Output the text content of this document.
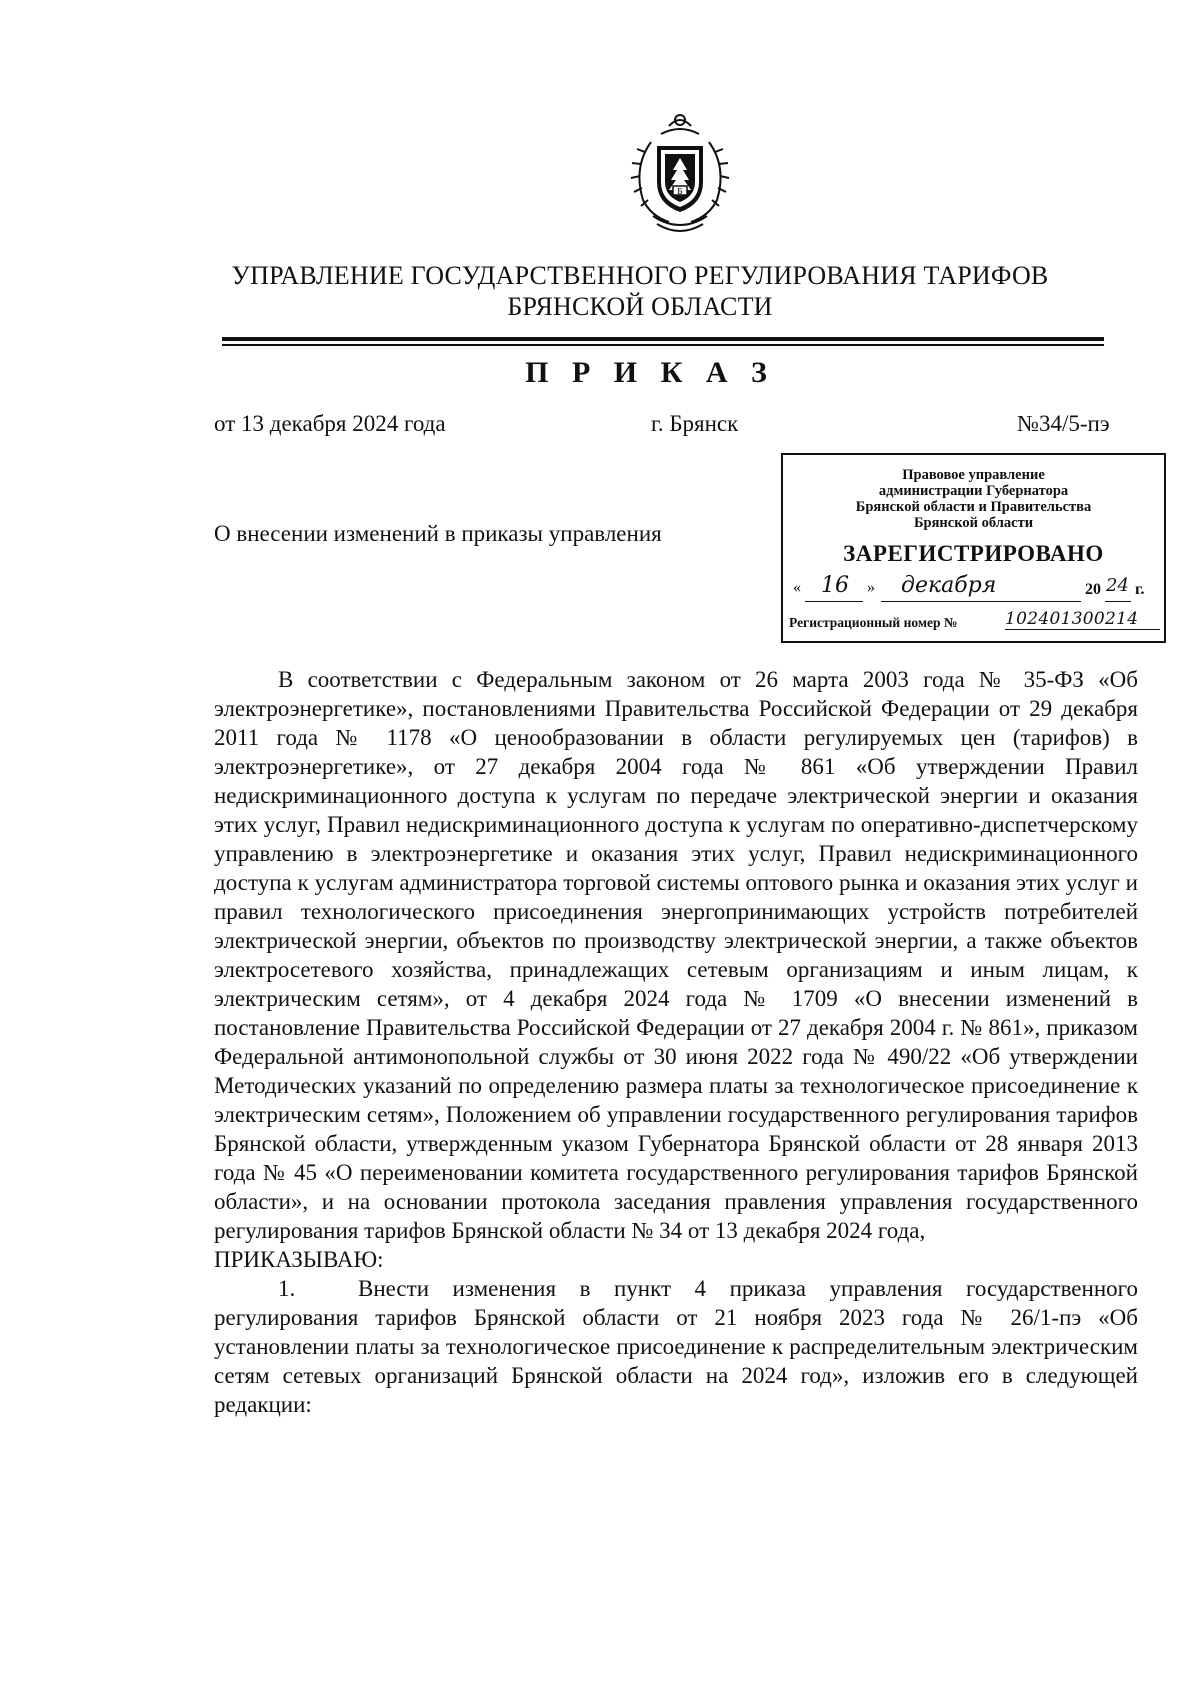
Б
УПРАВЛЕНИЕ ГОСУДАРСТВЕННОГО РЕГУЛИРОВАНИЯ ТАРИФОВ
БРЯНСКОЙ ОБЛАСТИ
П Р И К А З
от 13 декабря 2024 года	г. Брянск	№34/5-пэ
Правовое управление
администрации Губернатора
Брянской области и Правительства
Брянской области
ЗАРЕГИСТРИРОВАНО
« 16 » декабря	20 24 г.
Регистрационный номер №	102401300214
О внесении изменений в приказы управления

В соответствии с Федеральным законом от 26 марта 2003 года № 35-ФЗ «Об электроэнергетике», постановлениями Правительства Российской Федерации от 29 декабря 2011 года № 1178 «О ценообразовании в области регулируемых цен (тарифов) в электроэнергетике», от 27 декабря 2004 года № 861 «Об утверждении Правил недискриминационного доступа к услугам по передаче электрической энергии и оказания этих услуг, Правил недискриминационного доступа к услугам по оперативно-диспетчерскому управлению в электроэнергетике и оказания этих услуг, Правил недискриминационного доступа к услугам администратора торговой системы оптового рынка и оказания этих услуг и правил технологического присоединения энергопринимающих устройств потребителей электрической энергии, объектов по производству электрической энергии, а также объектов электросетевого хозяйства, принадлежащих сетевым организациям и иным лицам, к электрическим сетям», от 4 декабря 2024 года № 1709 «О внесении изменений в постановление Правительства Российской Федерации от 27 декабря 2004 г. № 861», приказом Федеральной антимонопольной службы от 30 июня 2022 года № 490/22 «Об утверждении Методических указаний по определению размера платы за технологическое присоединение к электрическим сетям», Положением об управлении государственного регулирования тарифов Брянской области, утвержденным указом Губернатора Брянской области от 28 января 2013 года № 45 «О переименовании комитета государственного регулирования тарифов Брянской области», и на основании протокола заседания правления управления государственного регулирования тарифов Брянской области № 34 от 13 декабря 2024 года,

ПРИКАЗЫВАЮ:

1.	Внести изменения в пункт 4 приказа управления государственного регулирования тарифов Брянской области от 21 ноября 2023 года № 26/1-пэ «Об установлении платы за технологическое присоединение к распределительным электрическим сетям сетевых организаций Брянской области на 2024 год», изложив его в следующей редакции:
